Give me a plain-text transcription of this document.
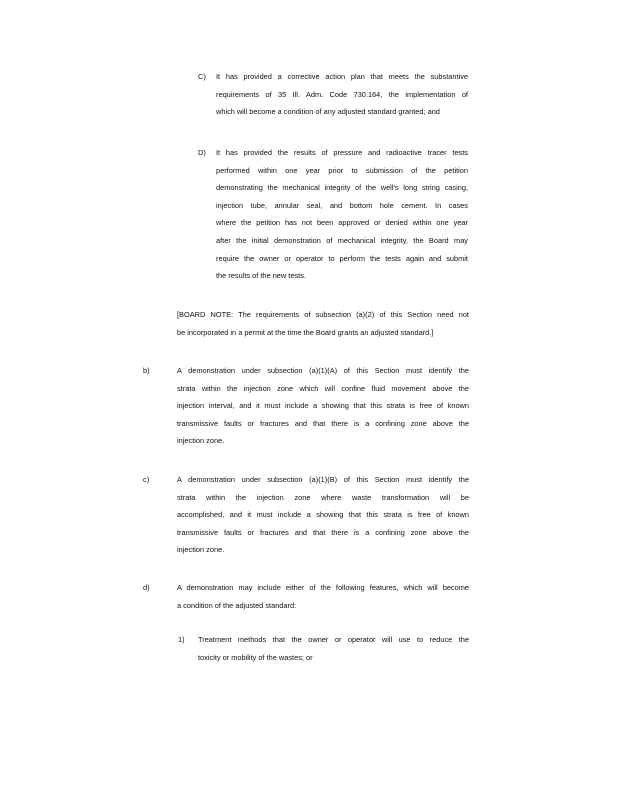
C) It has provided a corrective action plan that meets the substantive
requirements of 35 Ill. Adm. Code 730.164, the implementation of
which will become a condition of any adjusted standard granted; and
D) It has provided the results of pressure and radioactive tracer tests
performed within one year prior to submission of the petition
demonstrating the mechanical integrity of the well's long string casing,
injection tube, annular seal, and bottom hole cement. In cases
where the petition has not been approved or denied within one year
after the initial demonstration of mechanical integrity, the Board may
require the owner or operator to perform the tests again and submit
the results of the new tests.
[BOARD NOTE: The requirements of subsection (a)(2) of this Section need not
be incorporated in a permit at the time the Board grants an adjusted standard.]
b)	A demonstration under subsection (a)(1)(A) of this Section must identify the
strata within the injection zone which will confine fluid movement above the
injection interval, and it must include a showing that this strata is free of known
transmissive faults or fractures and that there is a confining zone above the
injection zone.
c)	A demonstration under subsection (a)(1)(B) of this Section must identify the
strata within the injection zone where waste transformation will be
accomplished, and it must include a showing that this strata is free of known
transmissive faults or fractures and that there is a confining zone above the
injection zone.
d)	A demonstration may include either of the following features, which will become
a condition of the adjusted standard:
1) Treatment methods that the owner or operator will use to reduce the
toxicity or mobility of the wastes; or
